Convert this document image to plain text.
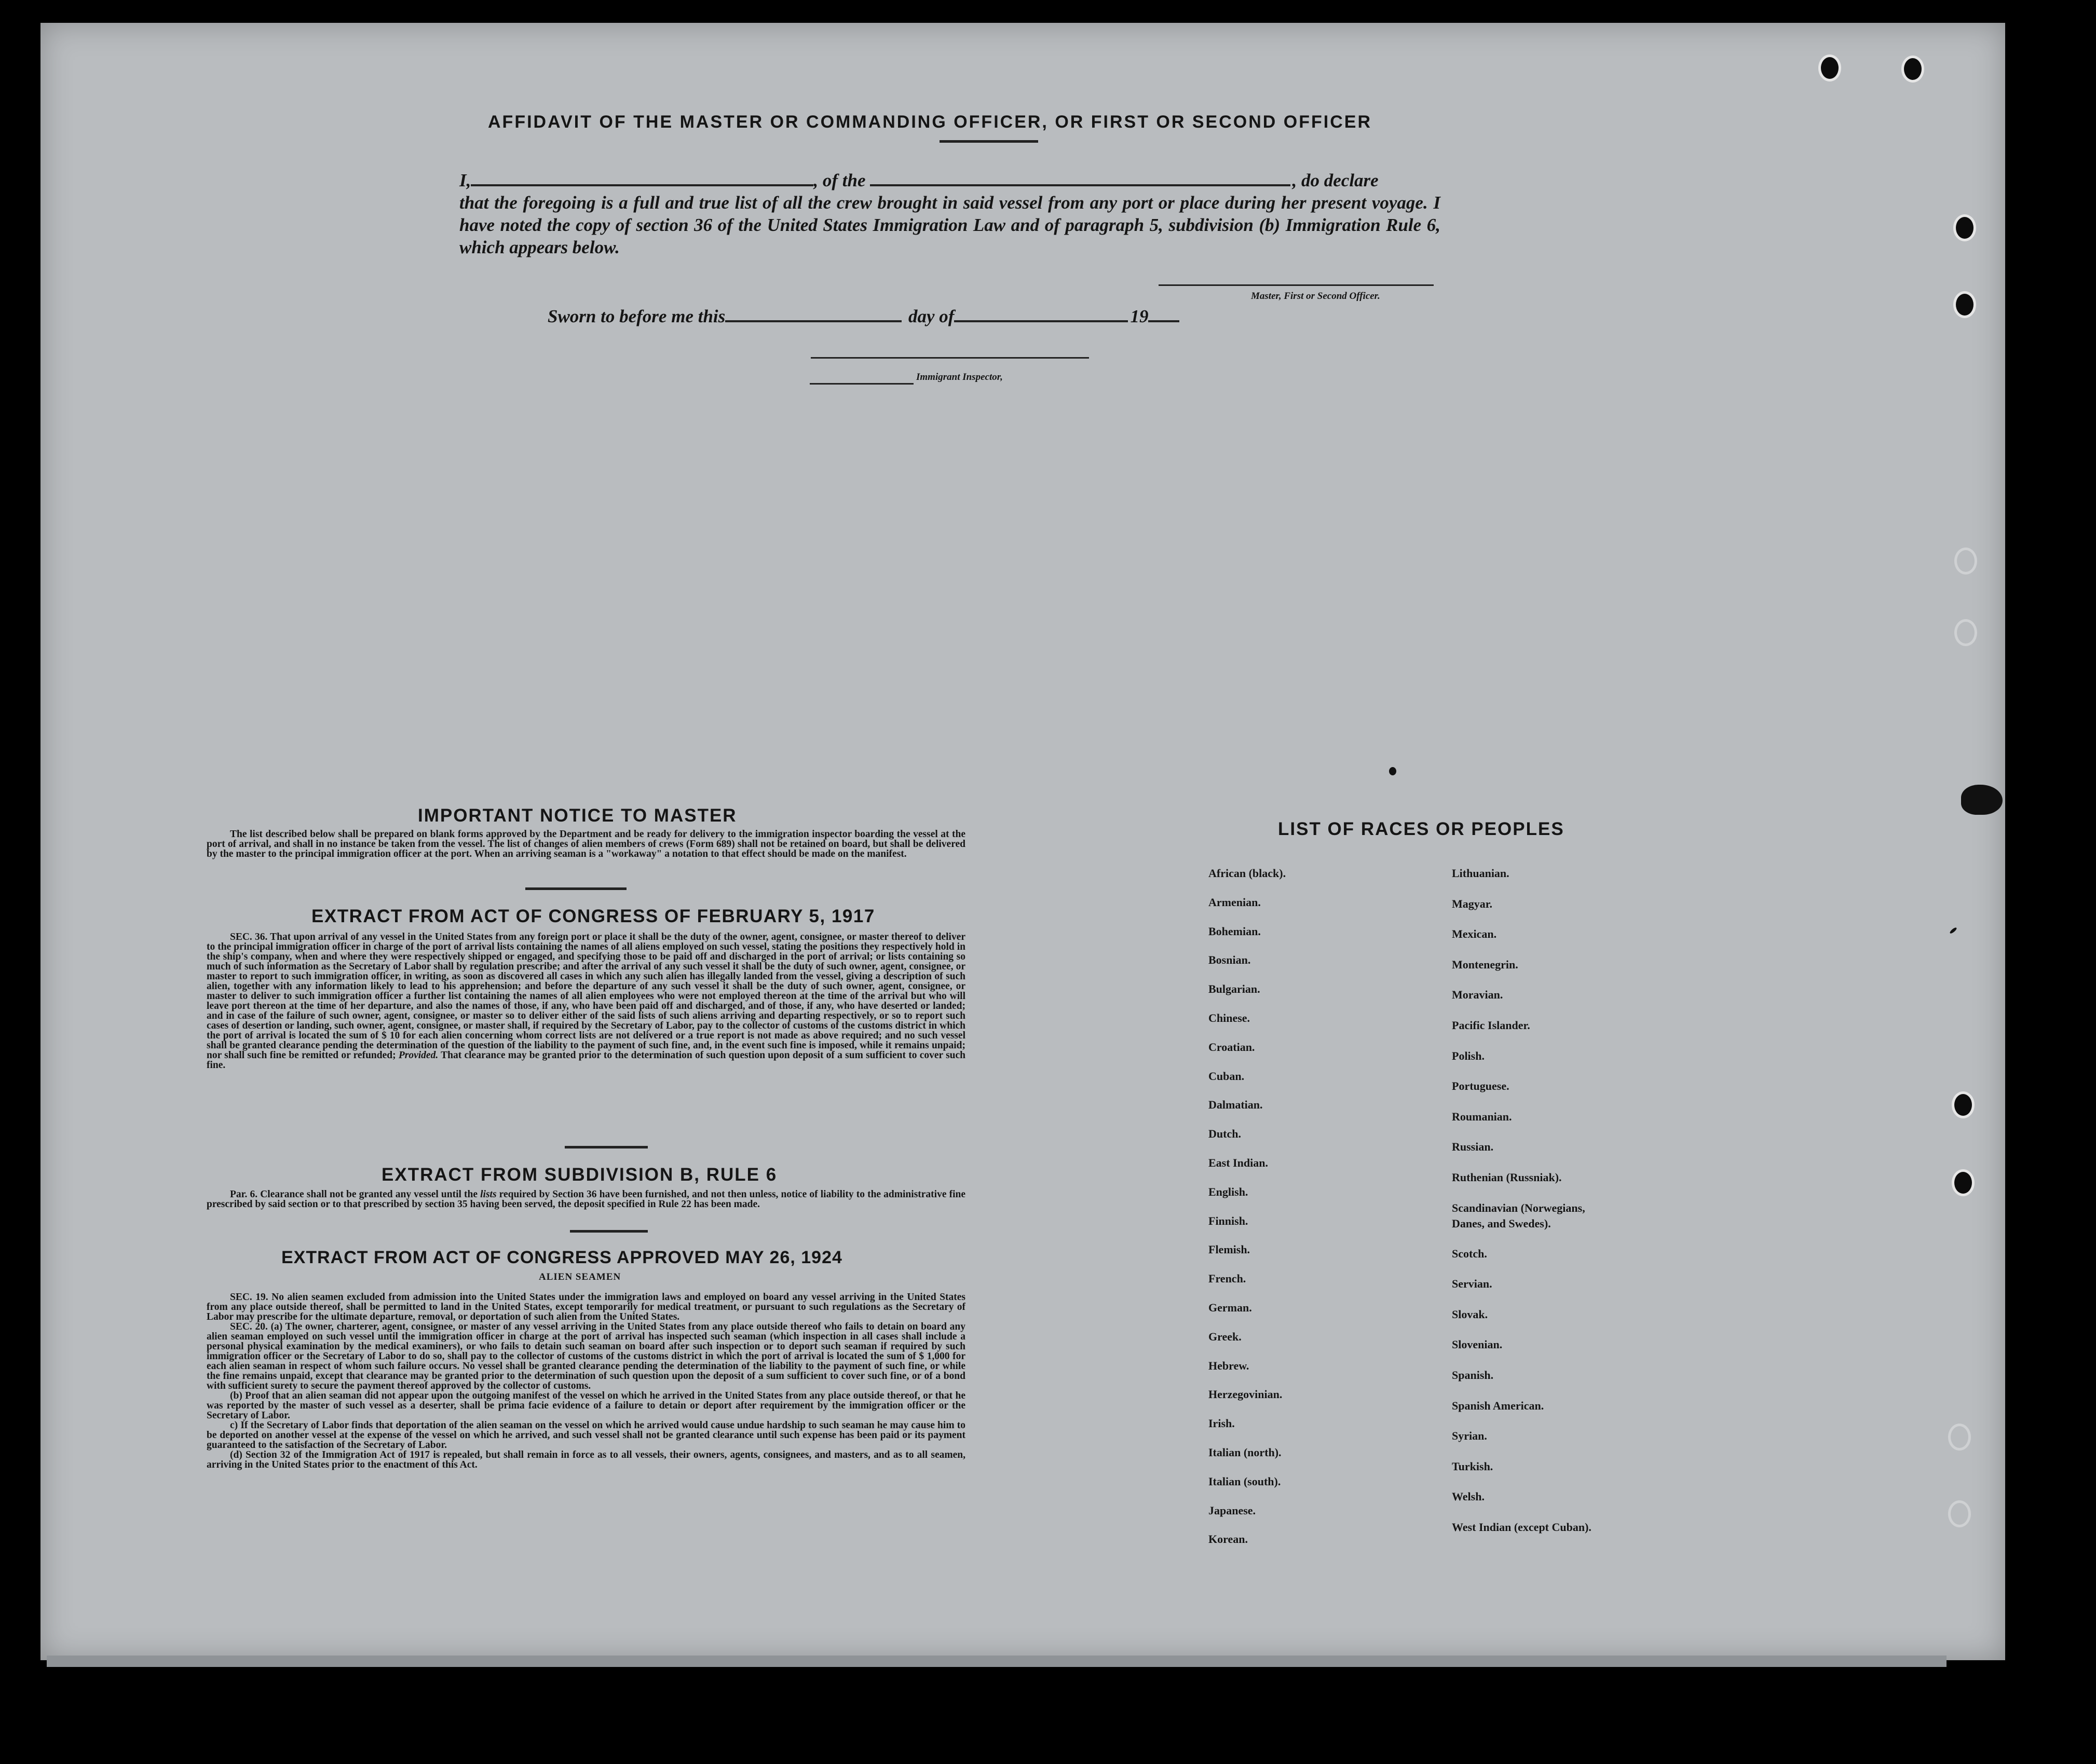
AFFIDAVIT OF THE MASTER OR COMMANDING OFFICER, OR FIRST OR SECOND OFFICER
I,	, of the	, do declare
that the foregoing is a full and true list of all the crew brought in said vessel from any port or place during her present voyage. I have noted the copy of section 36 of the United States Immigration Law and of paragraph 5, subdivision (b) Immigration Rule 6, which appears below.
Master, First or Second Officer.
Sworn to before me this	day of	19
Immigrant Inspector,
IMPORTANT NOTICE TO MASTER

The list described below shall be prepared on blank forms approved by the Department and be ready for delivery to the immigration inspector boarding the vessel at the port of arrival, and shall in no instance be taken from the vessel. The list of changes of alien members of crews (Form 689) shall not be retained on board, but shall be delivered by the master to the principal immigration officer at the port. When an arriving seaman is a "workaway" a notation to that effect should be made on the manifest.

EXTRACT FROM ACT OF CONGRESS OF FEBRUARY 5, 1917

SEC. 36. That upon arrival of any vessel in the United States from any foreign port or place it shall be the duty of the owner, agent, consignee, or master thereof to deliver to the principal immigration officer in charge of the port of arrival lists containing the names of all aliens employed on such vessel, stating the positions they respectively hold in the ship's company, when and where they were respectively shipped or engaged, and specifying those to be paid off and discharged in the port of arrival; or lists containing so much of such information as the Secretary of Labor shall by regulation prescribe; and after the arrival of any such vessel it shall be the duty of such owner, agent, consignee, or master to report to such immigration officer, in writing, as soon as discovered all cases in which any such alien has illegally landed from the vessel, giving a description of such alien, together with any information likely to lead to his apprehension; and before the departure of any such vessel it shall be the duty of such owner, agent, consignee, or master to deliver to such immigration officer a further list containing the names of all alien employees who were not employed thereon at the time of the arrival but who will leave port thereon at the time of her departure, and also the names of those, if any, who have been paid off and discharged, and of those, if any, who have deserted or landed; and in case of the failure of such owner, agent, consignee, or master so to deliver either of the said lists of such aliens arriving and departing respectively, or so to report such cases of desertion or landing, such owner, agent, consignee, or master shall, if required by the Secretary of Labor, pay to the collector of customs of the customs district in which the port of arrival is located the sum of $ 10 for each alien concerning whom correct lists are not delivered or a true report is not made as above required; and no such vessel shall be granted clearance pending the determination of the question of the liability to the payment of such fine, and, in the event such fine is imposed, while it remains unpaid; nor shall such fine be remitted or refunded; Provided. That clearance may be granted prior to the determination of such question upon deposit of a sum sufficient to cover such fine.

EXTRACT FROM SUBDIVISION B, RULE 6

Par. 6. Clearance shall not be granted any vessel until the lists required by Section 36 have been furnished, and not then unless, notice of liability to the administrative fine prescribed by said section or to that prescribed by section 35 having been served, the deposit specified in Rule 22 has been made.

EXTRACT FROM ACT OF CONGRESS APPROVED MAY 26, 1924
ALIEN SEAMEN

SEC. 19. No alien seamen excluded from admission into the United States under the immigration laws and employed on board any vessel arriving in the United States from any place outside thereof, shall be permitted to land in the United States, except temporarily for medical treatment, or pursuant to such regulations as the Secretary of Labor may prescribe for the ultimate departure, removal, or deportation of such alien from the United States.

SEC. 20. (a) The owner, charterer, agent, consignee, or master of any vessel arriving in the United States from any place outside thereof who fails to detain on board any alien seaman employed on such vessel until the immigration officer in charge at the port of arrival has inspected such seaman (which inspection in all cases shall include a personal physical examination by the medical examiners), or who fails to detain such seaman on board after such inspection or to deport such seaman if required by such immigration officer or the Secretary of Labor to do so, shall pay to the collector of customs of the customs district in which the port of arrival is located the sum of $ 1,000 for each alien seaman in respect of whom such failure occurs. No vessel shall be granted clearance pending the determination of the liability to the payment of such fine, or while the fine remains unpaid, except that clearance may be granted prior to the determination of such question upon the deposit of a sum sufficient to cover such fine, or of a bond with sufficient surety to secure the payment thereof approved by the collector of customs.

(b) Proof that an alien seaman did not appear upon the outgoing manifest of the vessel on which he arrived in the United States from any place outside thereof, or that he was reported by the master of such vessel as a deserter, shall be prima facie evidence of a failure to detain or deport after requirement by the immigration officer or the Secretary of Labor.

c) If the Secretary of Labor finds that deportation of the alien seaman on the vessel on which he arrived would cause undue hardship to such seaman he may cause him to be deported on another vessel at the expense of the vessel on which he arrived, and such vessel shall not be granted clearance until such expense has been paid or its payment guaranteed to the satisfaction of the Secretary of Labor.

(d) Section 32 of the Immigration Act of 1917 is repealed, but shall remain in force as to all vessels, their owners, agents, consignees, and masters, and as to all seamen, arriving in the United States prior to the enactment of this Act.

LIST OF RACES OR PEOPLES
African (black).
Armenian.
Bohemian.
Bosnian.
Bulgarian.
Chinese.
Croatian.
Cuban.
Dalmatian.
Dutch.
East Indian.
English.
Finnish.
Flemish.
French.
German.
Greek.
Hebrew.
Herzegovinian.
Irish.
Italian (north).
Italian (south).
Japanese.
Korean.
Lithuanian.
Magyar.
Mexican.
Montenegrin.
Moravian.
Pacific Islander.
Polish.
Portuguese.
Roumanian.
Russian.
Ruthenian (Russniak).
Scandinavian (Norwegians,
Danes, and Swedes).
Scotch.
Servian.
Slovak.
Slovenian.
Spanish.
Spanish American.
Syrian.
Turkish.
Welsh.
West Indian (except Cuban).
